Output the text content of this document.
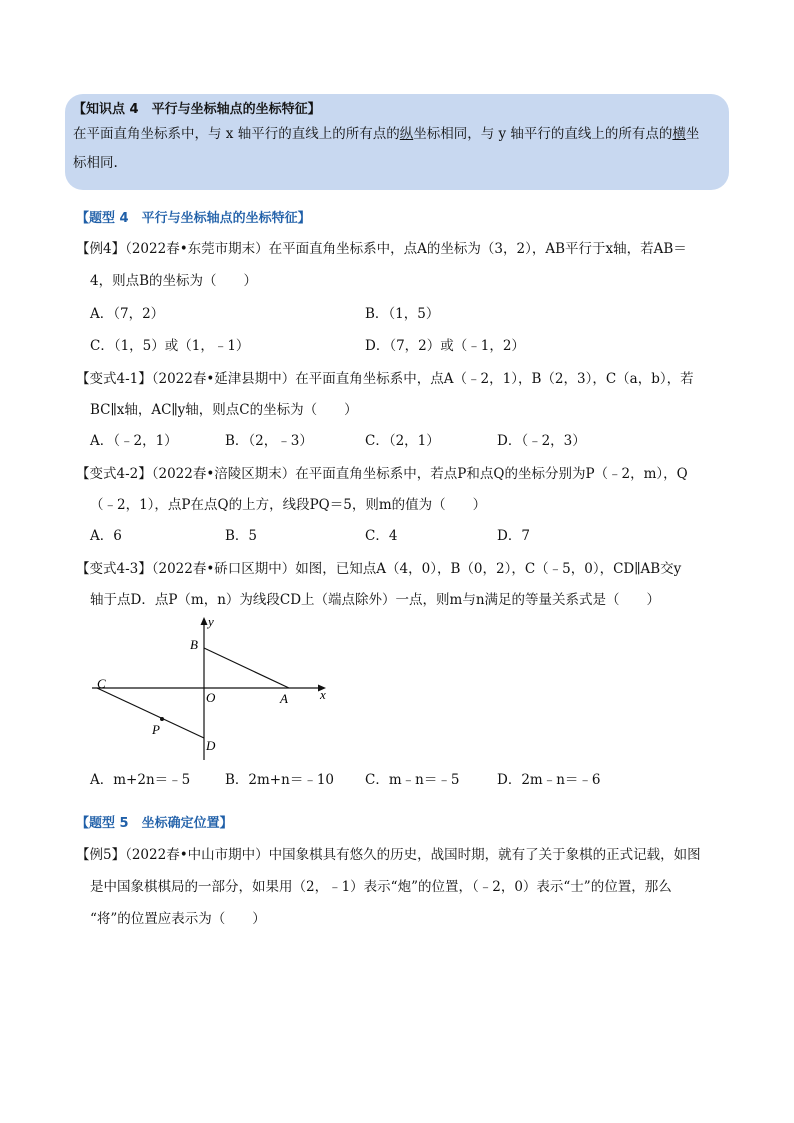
【知识点 4　平行与坐标轴点的坐标特征】
在平面直角坐标系中，与 x 轴平行的直线上的所有点的纵坐标相同，与 y 轴平行的直线上的所有点的横坐
标相同.
【题型 4　平行与坐标轴点的坐标特征】
【例4】（2022春•东莞市期末）在平面直角坐标系中，点A的坐标为（3，2），AB平行于x轴，若AB＝
4，则点B的坐标为（　　）
A．（7，2）	B．（1，5）
C．（1，5）或（1，﹣1）	D．（7，2）或（﹣1，2）
【变式4-1】（2022春•延津县期中）在平面直角坐标系中，点A（﹣2，1），B（2，3），C（a，b），若
BC∥x轴，AC∥y轴，则点C的坐标为（　　）
A．（﹣2，1）	B．（2，﹣3）	C．（2，1）	D．（﹣2，3）
【变式4-2】（2022春•涪陵区期末）在平面直角坐标系中，若点P和点Q的坐标分别为P（﹣2，m），Q
（﹣2，1），点P在点Q的上方，线段PQ＝5，则m的值为（　　）
A．6	B．5	C．4	D．7
【变式4-3】（2022春•硚口区期中）如图，已知点A（4，0），B（0，2），C（﹣5，0），CD∥AB交y
轴于点D．点P（m，n）为线段CD上（端点除外）一点，则m与n满足的等量关系式是（　　）
y
B
C
O	A x
P
D
A．m+2n＝﹣5	B．2m+n＝﹣10 C．m﹣n＝﹣5	D．2m﹣n＝﹣6
【题型 5　坐标确定位置】
【例5】（2022春•中山市期中）中国象棋具有悠久的历史，战国时期，就有了关于象棋的正式记载，如图
是中国象棋棋局的一部分，如果用（2，﹣1）表示“炮”的位置，（﹣2，0）表示“士”的位置，那么
“将”的位置应表示为（　　）
